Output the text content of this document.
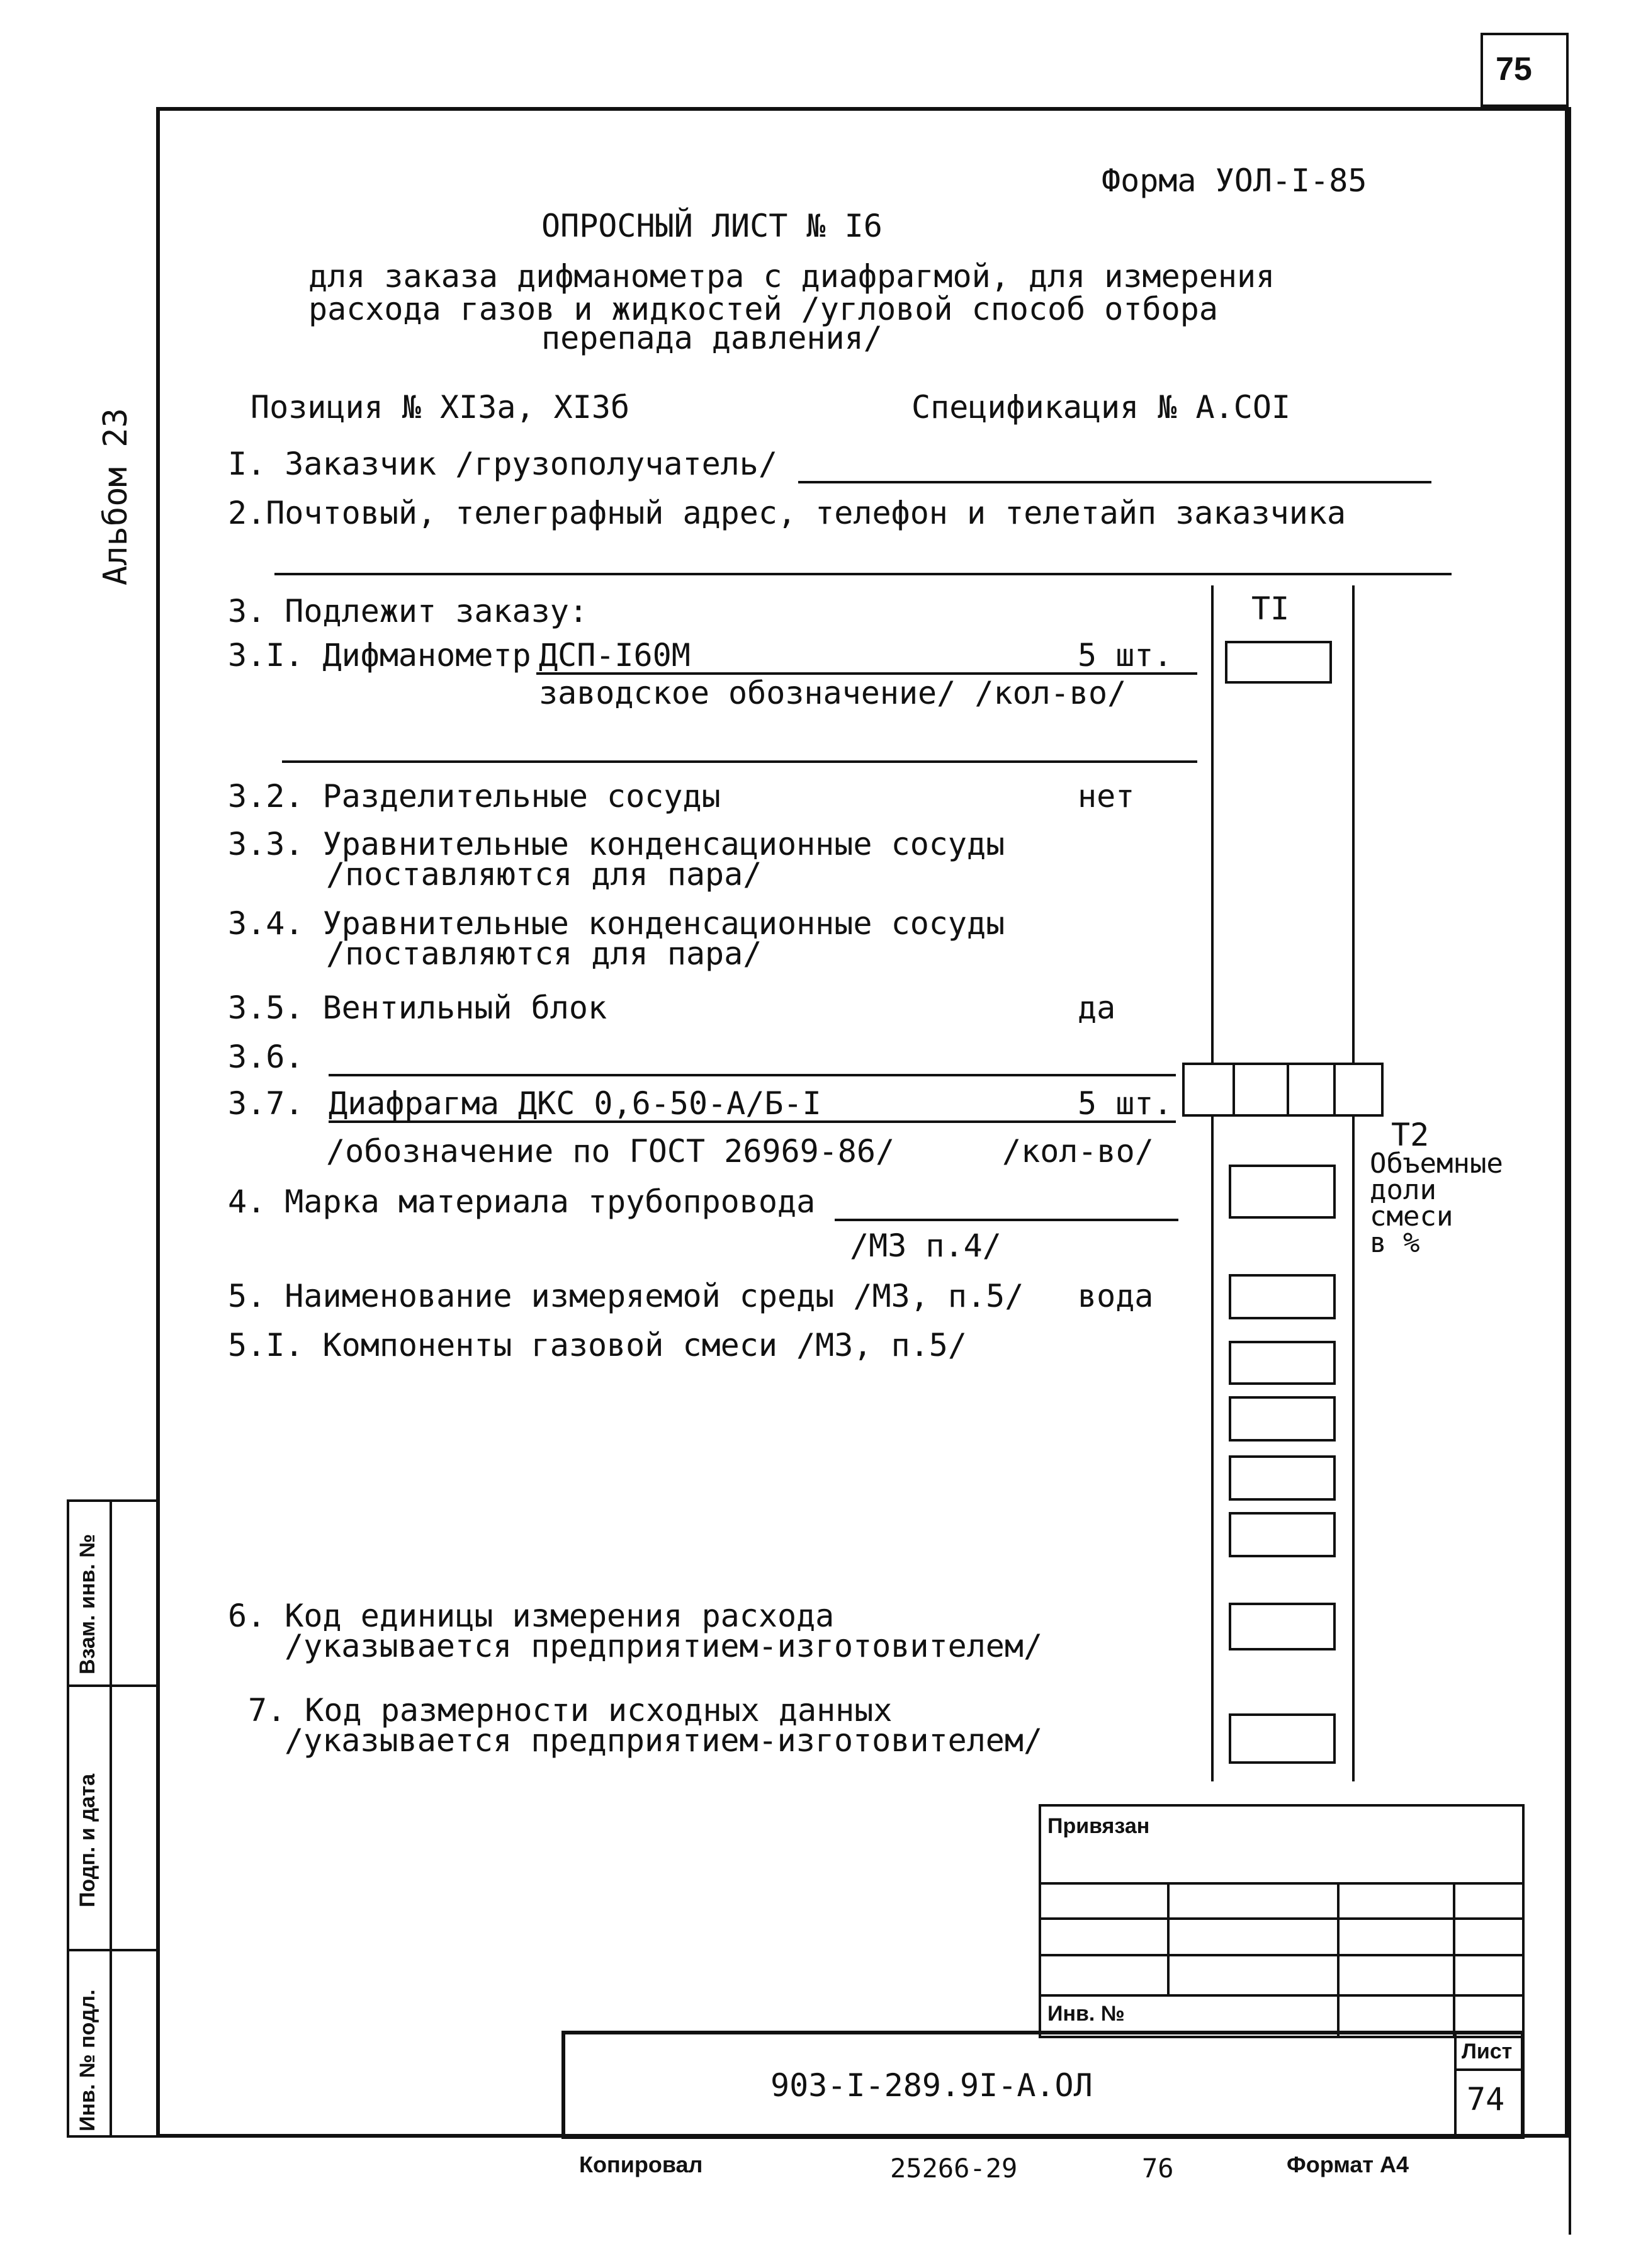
75
Альбом 23
Взам. инв. №
Подп. и дата
Инв. № подл.
Форма УОЛ-I-85
ОПРОСНЫЙ ЛИСТ № I6
для заказа дифманометра с диафрагмой, для измерения
расхода газов и жидкостей /угловой способ отбора
перепада давления/
Позиция № XI3а, XI3б	Спецификация № А.COI
I. Заказчик /грузополучатель/
2.Почтовый, телеграфный адрес, телефон и телетайп заказчика
TI
3. Подлежит заказу:
3.I. Дифманометр ДСП-I60М	5 шт.
заводское обозначение/ /кол-во/
3.2. Разделительные сосуды	нет
3.3. Уравнительные конденсационные сосуды
/поставляются для пара/
3.4. Уравнительные конденсационные сосуды
/поставляются для пара/
3.5. Вентильный блок	да
3.6.
3.7. Диафрагма ДКС 0,6-50-А/Б-I	5 шт.
/обозначение по ГОСТ 26969-86/	/кол-во/	T2
Объемные
доли
смеси
в %
4. Марка материала трубопровода
/М3 п.4/
5. Наименование измеряемой среды /М3, п.5/ вода
5.I. Компоненты газовой смеси /М3, п.5/
6. Код единицы измерения расхода
/указывается предприятием-изготовителем/
7. Код размерности исходных данных
/указывается предприятием-изготовителем/
Привязан
Инв. №
903-I-289.9I-А.ОЛ
Лист
74
Копировал	25266-29	76	Формат А4
